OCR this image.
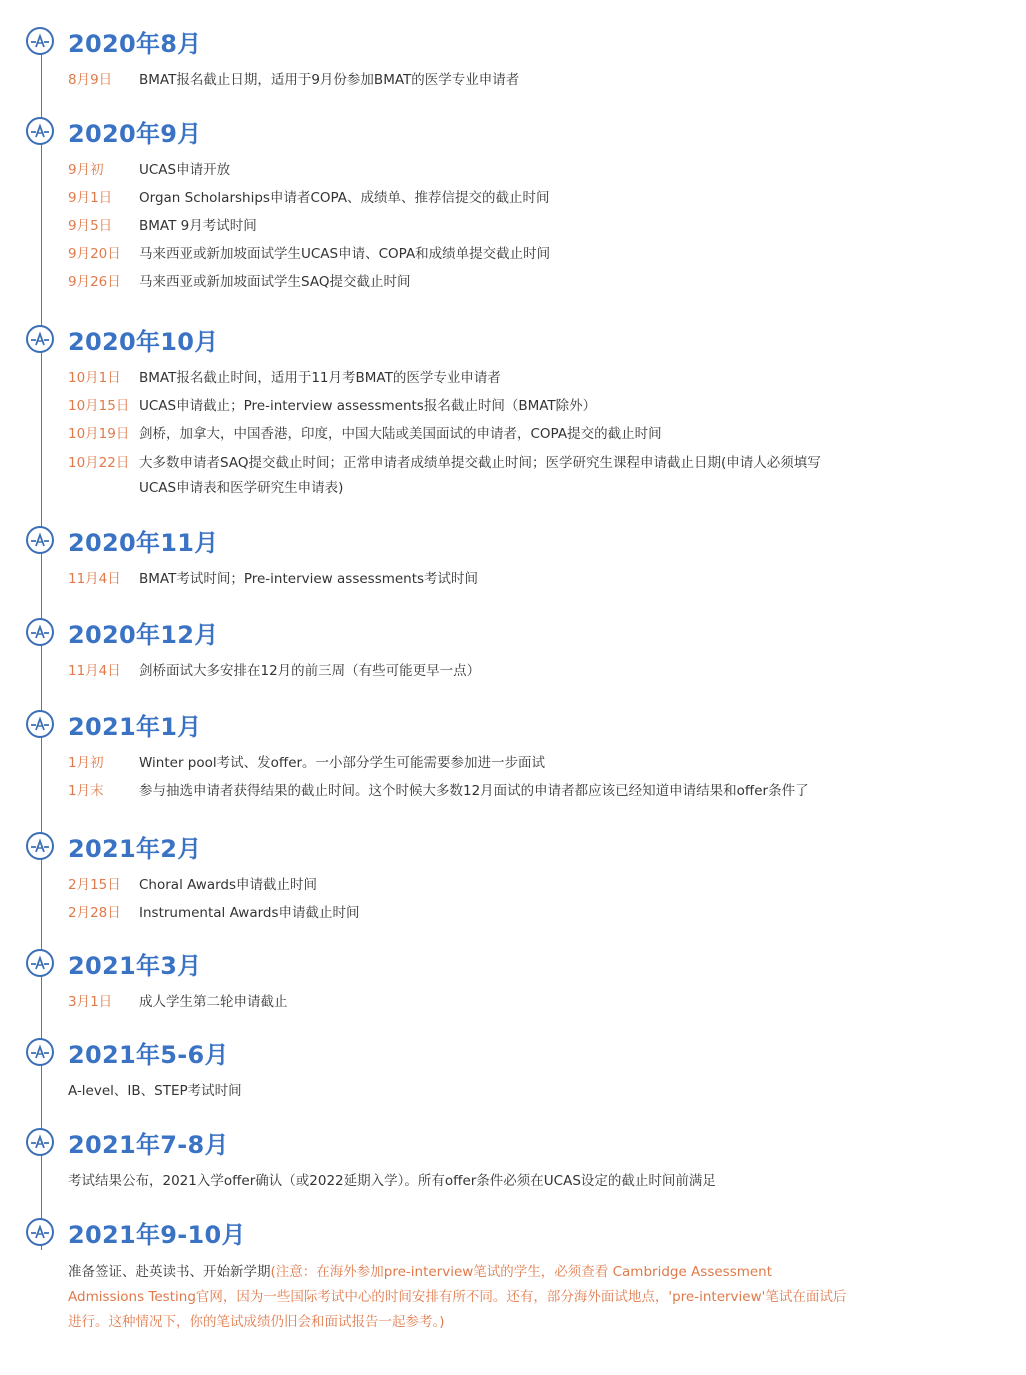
2020年8月
8月9日	BMAT报名截止日期，适用于9月份参加BMAT的医学专业申请者
2020年9月
9月初	UCAS申请开放
9月1日	Organ Scholarships申请者COPA、成绩单、推荐信提交的截止时间
9月5日	BMAT 9月考试时间
9月20日	马来西亚或新加坡面试学生UCAS申请、COPA和成绩单提交截止时间
9月26日	马来西亚或新加坡面试学生SAQ提交截止时间
2020年10月
10月1日	BMAT报名截止时间，适用于11月考BMAT的医学专业申请者
10月15日 UCAS申请截止；Pre-interview assessments报名截止时间（BMAT除外）
10月19日 剑桥，加拿大，中国香港，印度，中国大陆或美国面试的申请者，COPA提交的截止时间
10月22日 大多数申请者SAQ提交截止时间；正常申请者成绩单提交截止时间；医学研究生课程申请截止日期(申请人必须填写UCAS申请表和医学研究生申请表)
2020年11月
11月4日	BMAT考试时间；Pre-interview assessments考试时间
2020年12月
11月4日	剑桥面试大多安排在12月的前三周（有些可能更早一点）
2021年1月
1月初	Winter pool考试、发offer。一小部分学生可能需要参加进一步面试
1月末	参与抽选申请者获得结果的截止时间。这个时候大多数12月面试的申请者都应该已经知道申请结果和offer条件了
2021年2月
2月15日	Choral Awards申请截止时间
2月28日	Instrumental Awards申请截止时间
2021年3月
3月1日	成人学生第二轮申请截止
2021年5-6月
A-level、IB、STEP考试时间
2021年7-8月
考试结果公布，2021入学offer确认（或2022延期入学）。所有offer条件必须在UCAS设定的截止时间前满足
2021年9-10月
准备签证、赴英读书、开始新学期(注意：在海外参加pre-interview笔试的学生，必须查看 Cambridge Assessment Admissions Testing官网，因为一些国际考试中心的时间安排有所不同。还有，部分海外面试地点，'pre-interview'笔试在面试后进行。这种情况下，你的笔试成绩仍旧会和面试报告一起参考。)
